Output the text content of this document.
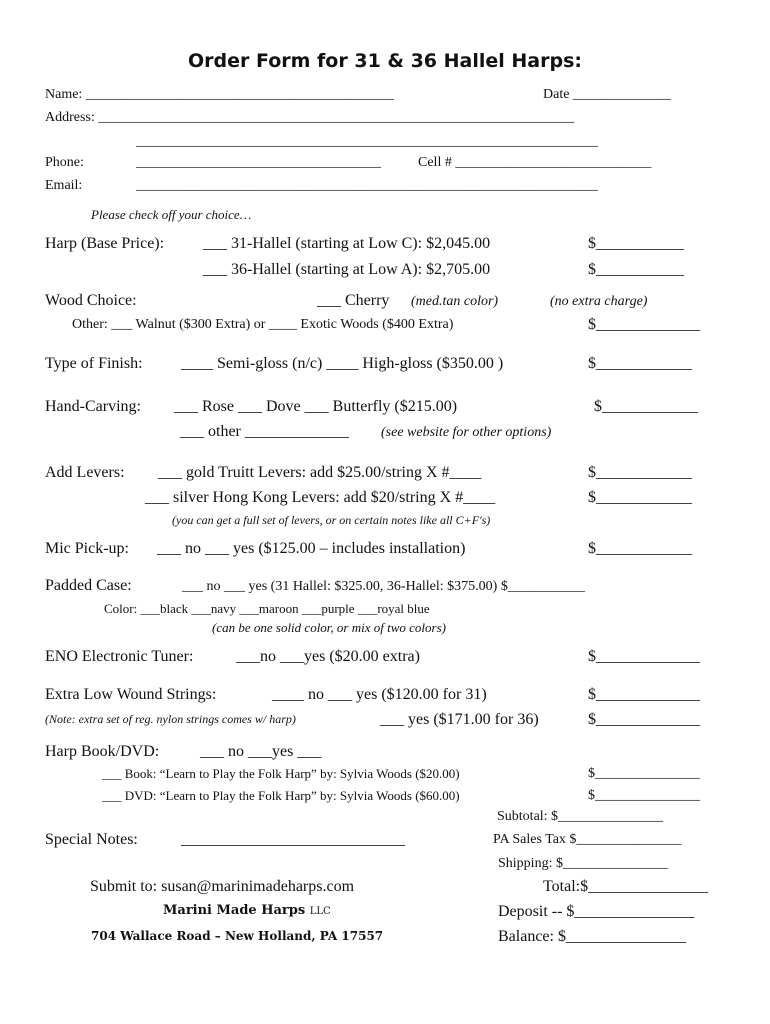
Order Form for 31 & 36 Hallel Harps:
Name: ____________________________________________	Date ______________
Address: ____________________________________________________________________
__________________________________________________________________
Phone:	___________________________________	Cell # ____________________________
Email:	__________________________________________________________________
Please check off your choice…
Harp (Base Price): ___ 31-Hallel (starting at Low C): $2,045.00	$___________
___ 36-Hallel (starting at Low A): $2,705.00	$___________
Wood Choice:	___ Cherry (med.tan color)	(no extra charge)
Other: ___ Walnut ($300 Extra) or ____ Exotic Woods ($400 Extra)	$_____________
Type of Finish: ____ Semi-gloss (n/c) ____ High-gloss ($350.00 )	$____________
Hand-Carving: ___ Rose ___ Dove ___ Butterfly ($215.00)	$____________
___ other _____________ (see website for other options)
Add Levers: ___ gold Truitt Levers: add $25.00/string X #____	$____________
___ silver Hong Kong Levers: add $20/string X #____	$____________
(you can get a full set of levers, or on certain notes like all C+F's)
Mic Pick-up: ___ no ___ yes ($125.00 – includes installation)	$____________
Padded Case:	___ no ___ yes (31 Hallel: $325.00, 36-Hallel: $375.00) $___________
Color: ___black ___navy ___maroon ___purple ___royal blue
(can be one solid color, or mix of two colors)
ENO Electronic Tuner:	___no ___yes ($20.00 extra)	$_____________
Extra Low Wound Strings:	____ no ___ yes ($120.00 for 31)	$_____________
(Note: extra set of reg. nylon strings comes w/ harp)	___ yes ($171.00 for 36)	$_____________
Harp Book/DVD:	___ no ___yes ___
___ Book: “Learn to Play the Folk Harp” by: Sylvia Woods ($20.00)	$_______________
___ DVD: “Learn to Play the Folk Harp” by: Sylvia Woods ($60.00)	$_______________
Subtotal: $_______________
Special Notes:	____________________________	PA Sales Tax $_______________
Shipping: $_______________
Total:$_______________
Deposit -- $_______________
Balance: $_______________
Submit to: susan@marinimadeharps.com
Marini Made Harps LLC
704 Wallace Road – New Holland, PA 17557
